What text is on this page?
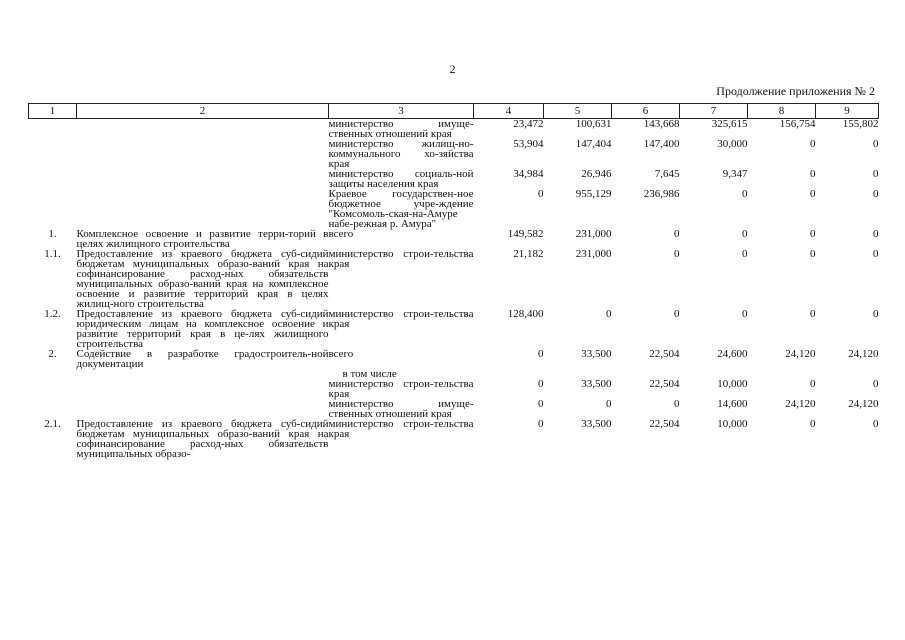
2
Продолжение приложения № 2
1	2	3	4	5	6	7	8	9
		министерство имуще-ственных отношений края	23,472	100,631	143,668	325,615	156,754	155,802
		министерство жилищ-но-коммунального хо-зяйства края	53,904	147,404	147,400	30,000	0	0
		министерство социаль-ной защиты населения края	34,984	26,946	7,645	9,347	0	0
		Краевое государствен-ное бюджетное учре-ждение "Комсомоль-ская-на-Амуре набе-режная р. Амура"	0	955,129	236,986	0	0	0
1.	Комплексное освоение и развитие терри-торий в целях жилищного строительства	всего	149,582	231,000	0	0	0	0
1.1.	Предоставление из краевого бюджета суб-сидий бюджетам муниципальных образо-ваний края на софинансирование расход-ных обязательств муниципальных образо-ваний края на комплексное освоение и развитие территорий края в целях жилищ-ного строительства	министерство строи-тельства края	21,182	231,000	0	0	0	0
1.2.	Предоставление из краевого бюджета суб-сидий юридическим лицам на комплексное освоение и развитие территорий края в це-лях жилищного строительства	министерство строи-тельства края	128,400	0	0	0	0	0
2.	Содействие в разработке градостроитель-ной документации	всего	0	33,500	22,504	24,600	24,120	24,120

		в том числе						

		министерство строи-тельства края	0	33,500	22,504	10,000	0	0
		министерство имуще-ственных отношений края	0	0	0	14,600	24,120	24,120
2.1.	Предоставление из краевого бюджета суб-сидий бюджетам муниципальных образо-ваний края на софинансирование расход-ных обязательств муниципальных образо-	министерство строи-тельства края	0	33,500	22,504	10,000	0	0
